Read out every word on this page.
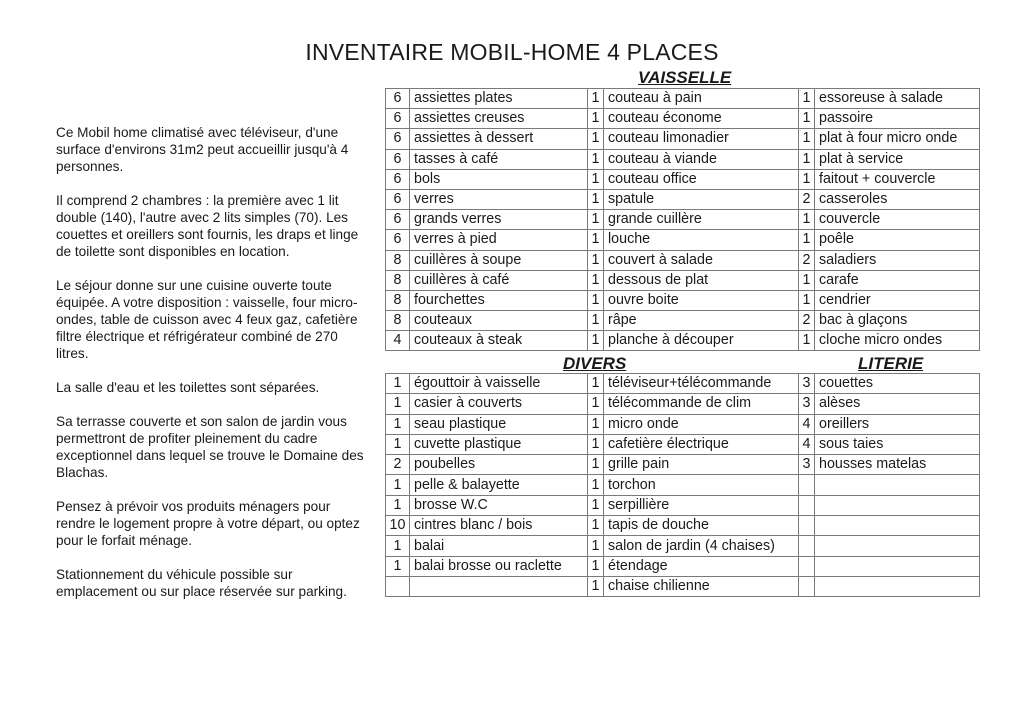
INVENTAIRE MOBIL-HOME 4 PLACES
VAISSELLE
DIVERS	LITERIE

Ce Mobil home climatisé avec téléviseur, d'une surface d'environs 31m2 peut accueillir jusqu'à 4 personnes.

Il comprend 2 chambres : la première avec 1 lit double (140), l'autre avec 2 lits simples (70). Les couettes et oreillers sont fournis, les draps et linge de toilette sont disponibles en location.

Le séjour donne sur une cuisine ouverte toute équipée. A votre disposition : vaisselle, four micro-ondes, table de cuisson avec 4 feux gaz, cafetière filtre électrique et réfrigérateur combiné de 270 litres.

La salle d'eau et les toilettes sont séparées.

Sa terrasse couverte et son salon de jardin vous permettront de profiter pleinement du cadre exceptionnel dans lequel se trouve le Domaine des Blachas.

Pensez à prévoir vos produits ménagers pour rendre le logement propre à votre départ, ou optez pour le forfait ménage.

Stationnement du véhicule possible sur emplacement ou sur place réservée sur parking.

6	assiettes plates	1	couteau à pain	1	essoreuse à salade
6	assiettes creuses	1	couteau économe	1	passoire
6	assiettes à dessert	1	couteau limonadier	1	plat à four micro onde
6	tasses à café	1	couteau à viande	1	plat à service
6	bols	1	couteau office	1	faitout + couvercle
6	verres	1	spatule	2	casseroles
6	grands verres	1	grande cuillère	1	couvercle
6	verres à pied	1	louche	1	poêle
8	cuillères à soupe	1	couvert à salade	2	saladiers
8	cuillères à café	1	dessous de plat	1	carafe
8	fourchettes	1	ouvre boite	1	cendrier
8	couteaux	1	râpe	2	bac à glaçons
4	couteaux à steak	1	planche à découper	1	cloche micro ondes
1	égouttoir à vaisselle	1	téléviseur+télécommande	3	couettes
1	casier à couverts	1	télécommande de clim	3	alèses
1	seau plastique	1	micro onde	4	oreillers
1	cuvette plastique	1	cafetière électrique	4	sous taies
2	poubelles	1	grille pain	3	housses matelas
1	pelle & balayette	1	torchon		
1	brosse W.C	1	serpillière		
10	cintres blanc / bois	1	tapis de douche		
1	balai	1	salon de jardin (4 chaises)		
1	balai brosse ou raclette	1	étendage		
		1	chaise chilienne		
